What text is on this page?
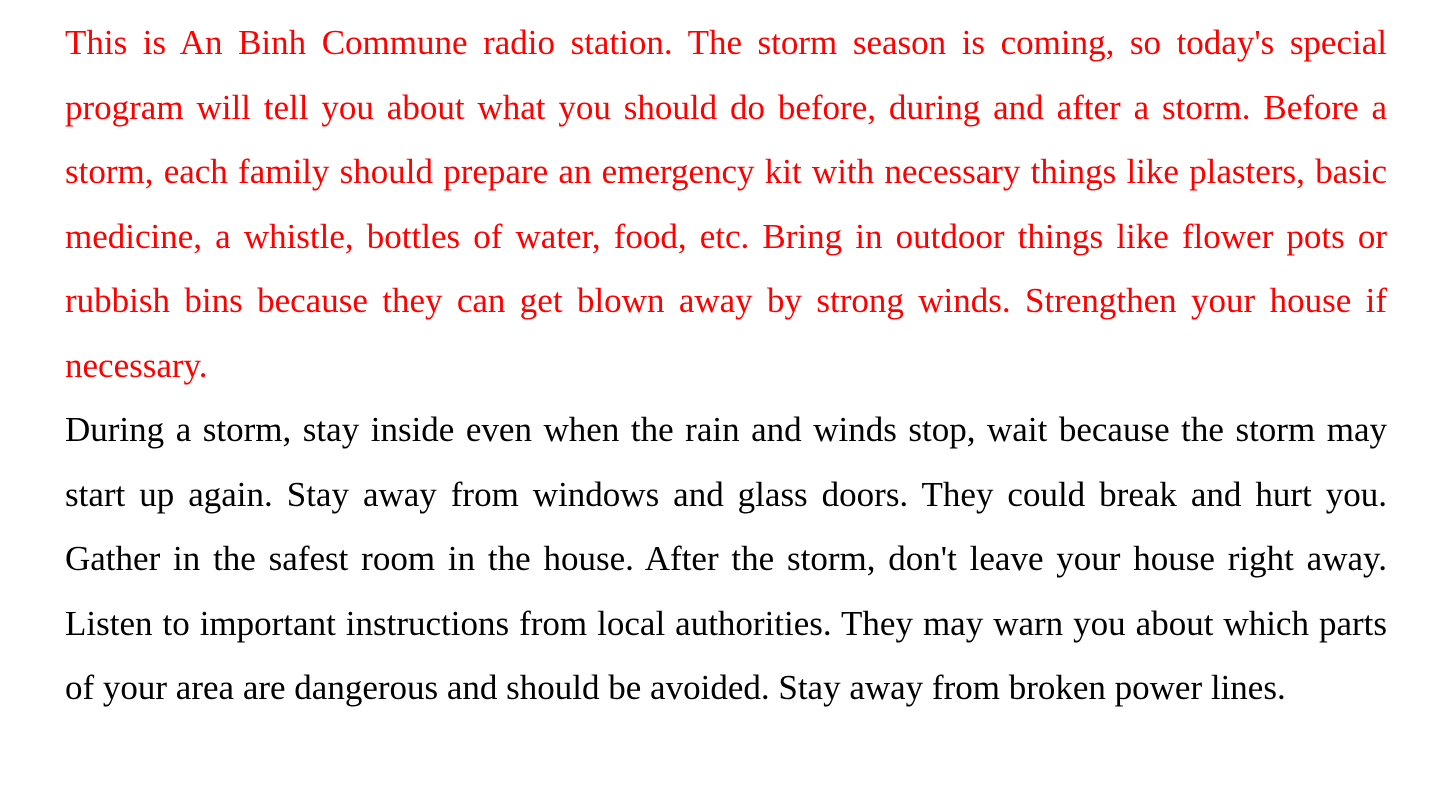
This is An Binh Commune radio station. The storm season is coming, so today's special program will tell you about what you should do before, during and after a storm. Before a storm, each family should prepare an emergency kit with necessary things like plasters, basic medicine, a whistle, bottles of water, food, etc. Bring in outdoor things like flower pots or rubbish bins because they can get blown away by strong winds. Strengthen your house if necessary.

During a storm, stay inside even when the rain and winds stop, wait because the storm may start up again. Stay away from windows and glass doors. They could break and hurt you. Gather in the safest room in the house. After the storm, don't leave your house right away. Listen to important instructions from local authorities. They may warn you about which parts of your area are dangerous and should be avoided. Stay away from broken power lines.
